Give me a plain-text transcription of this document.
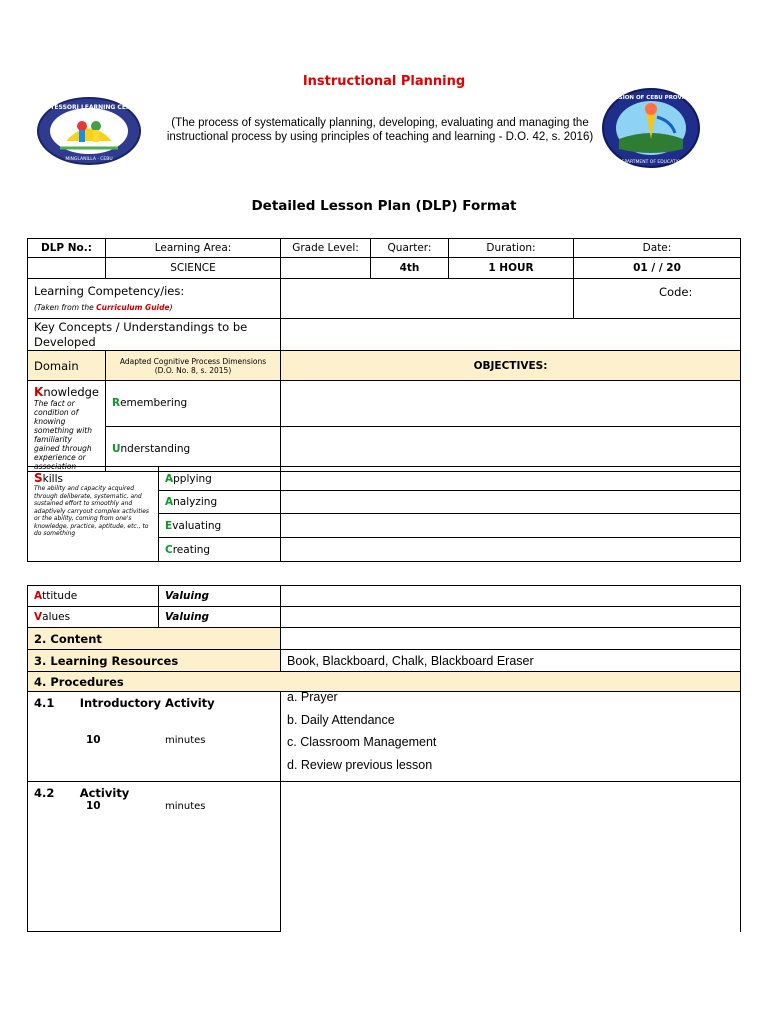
Instructional Planning
MONTESSORI LEARNING CENTER
MINGLANILLA · CEBU
(The process of systematically planning, developing, evaluating and managing the instructional process by using principles of teaching and learning - D.O. 42, s. 2016)
DIVISION OF CEBU PROVINCE
DEPARTMENT OF EDUCATION
Detailed Lesson Plan (DLP) Format
DLP No.:	Learning Area:	Grade Level:	Quarter:	Duration:	Date:
	SCIENCE		4th	1 HOUR	01 / / 20

Learning Competency/ies:
(Taken from the Curriculum Guide)					Code:
Key Concepts / Understandings to be Developed					
Domain	Adapted Cognitive Process Dimensions (D.O. No. 8, s. 2015)	OBJECTIVES:			

Knowledge
The fact or condition of knowing something with familiarity gained through experience or association	Remembering				
	Understanding				
Skills
The ability and capacity acquired through deliberate, systematic, and sustained effort to smoothly and adaptively carryout complex activities or the ability, coming from one's knowledge, practice, aptitude, etc., to do something	Applying	
	Analyzing	
	Evaluating	
	Creating	
Attitude	Valuing	
Values	Valuing	
2. Content		
3. Learning Resources		Book, Blackboard, Chalk, Blackboard Eraser
4. Procedures		
4.1 Introductory Activity
10 minutes		a. Prayer
b. Daily Attendance
c. Classroom Management
d. Review previous lesson

4.2 Activity
10 minutes		
